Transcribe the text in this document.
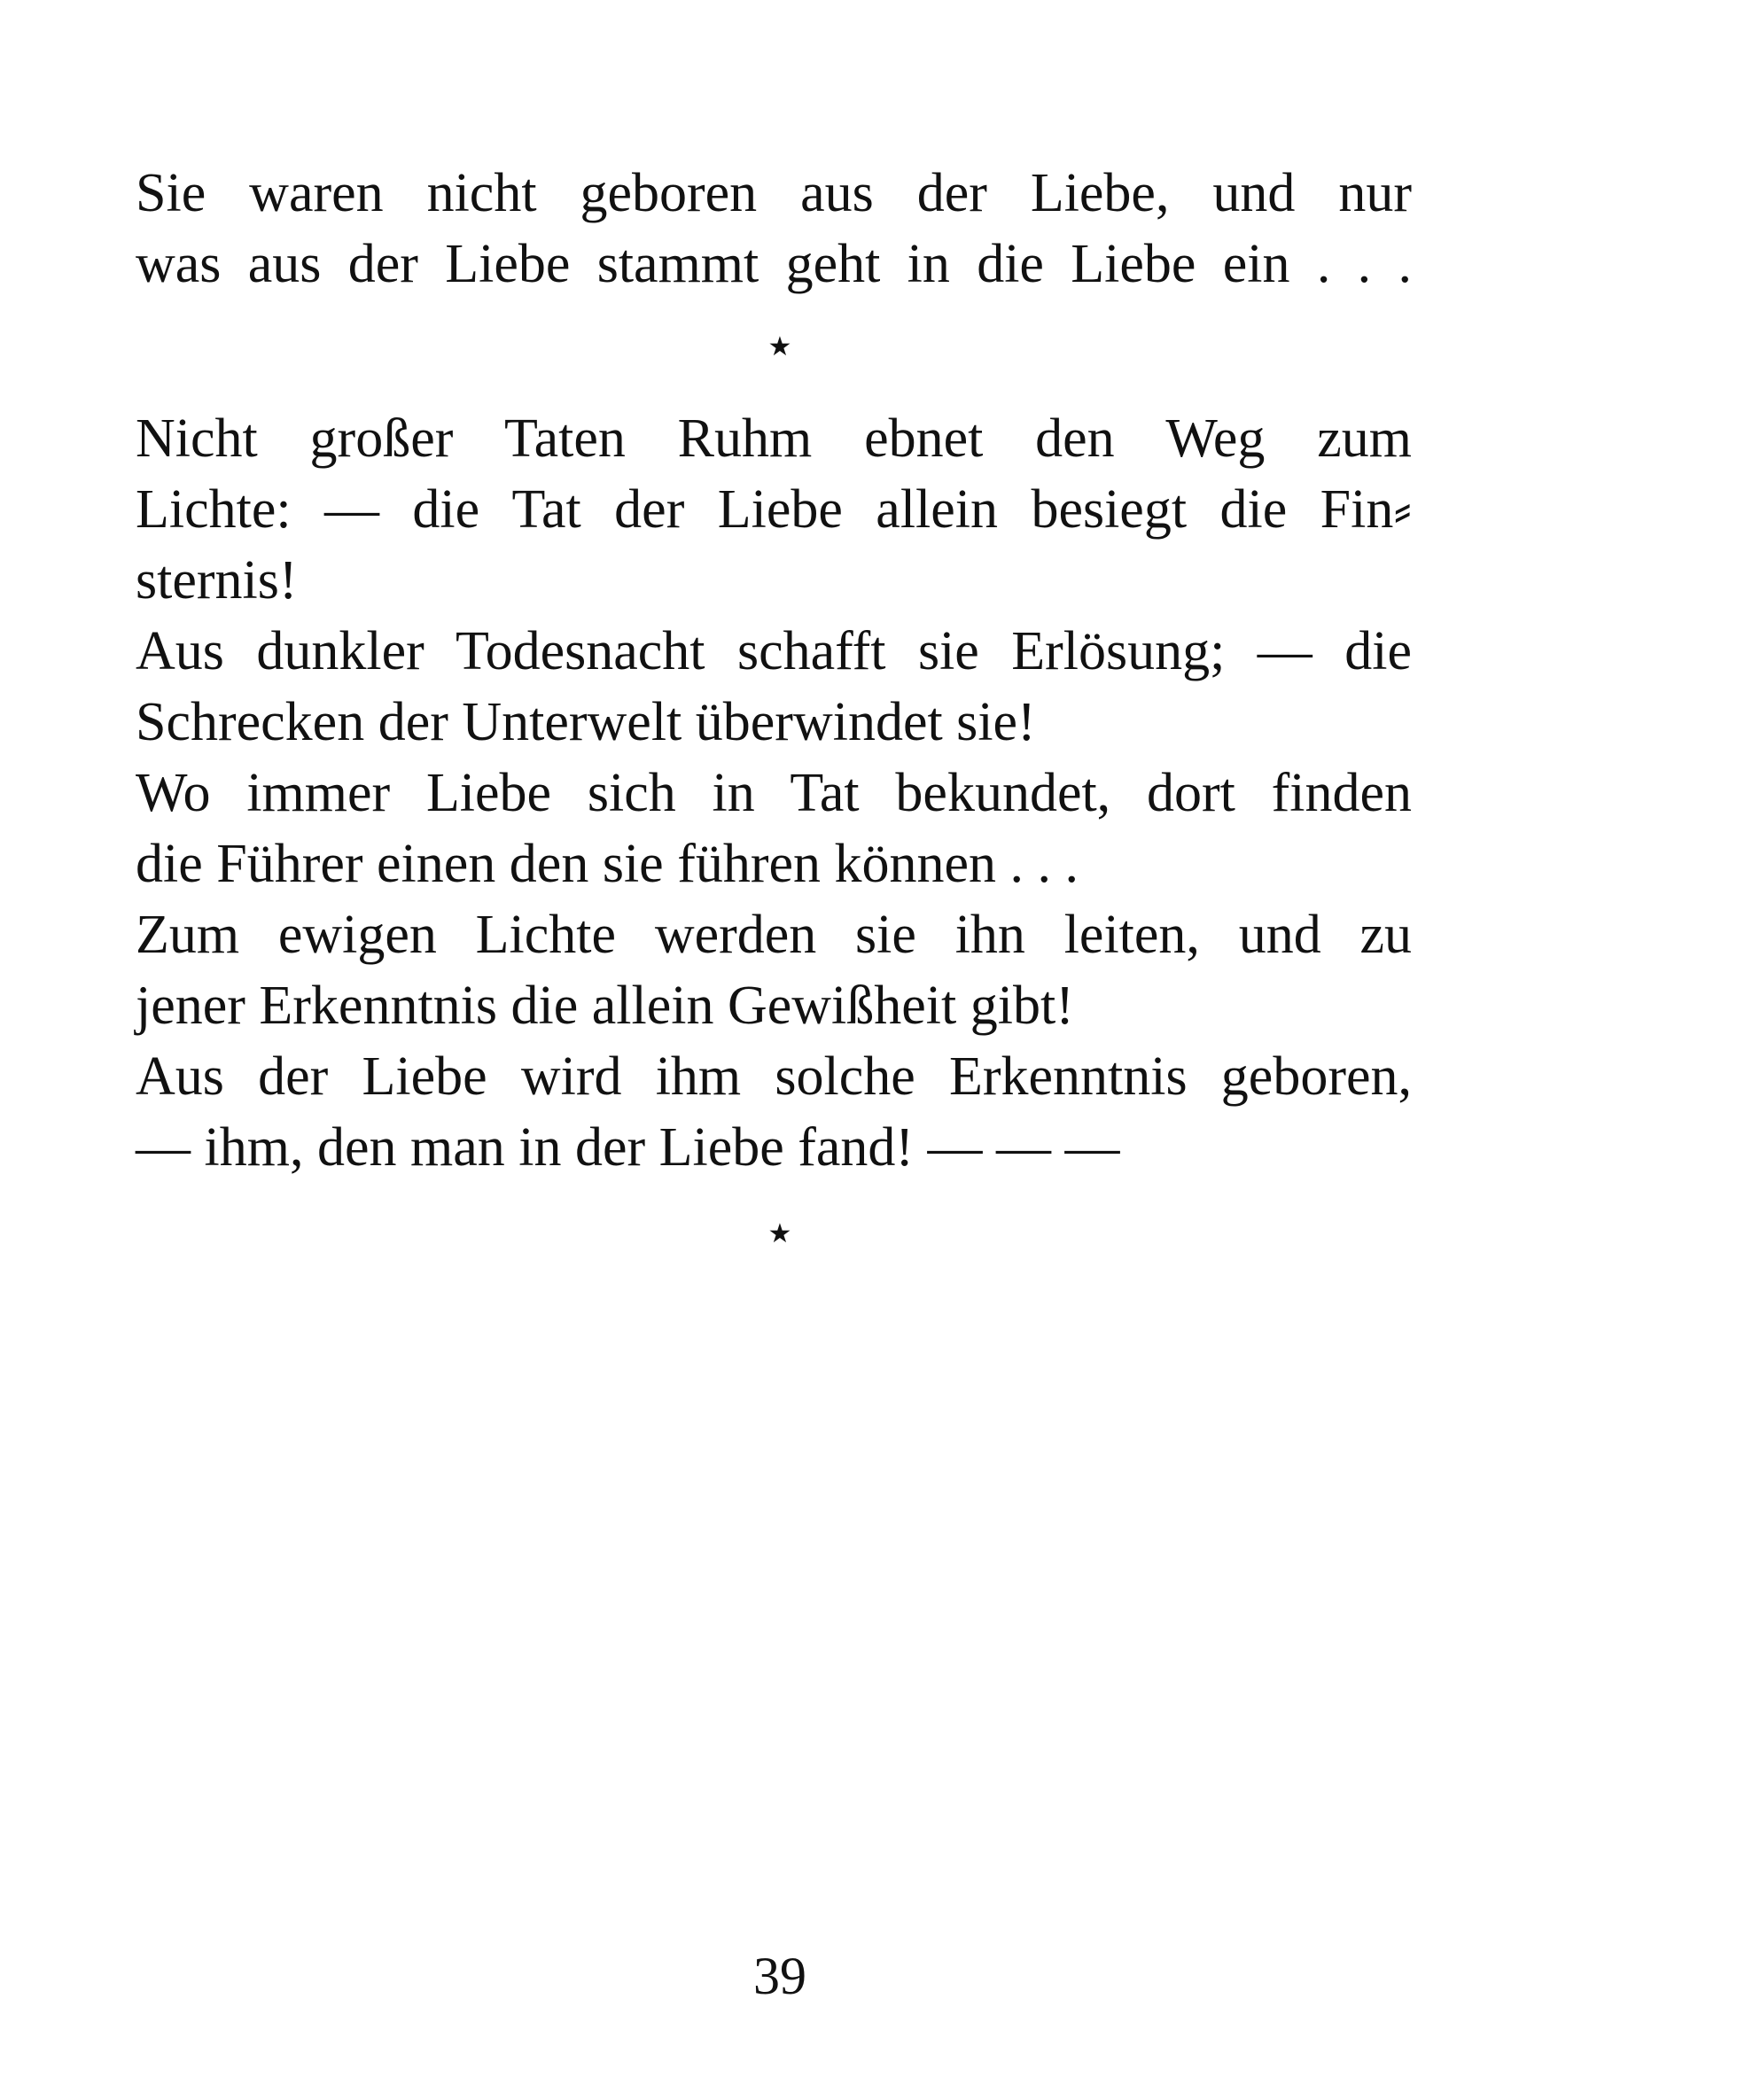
Sie waren nicht geboren aus der Liebe, und nur
was aus der Liebe stammt geht in die Liebe ein . . .
★
Nicht großer Taten Ruhm ebnet den Weg zum
Lichte: — die Tat der Liebe allein besiegt die Fin⸗
sternis!
Aus dunkler Todesnacht schafft sie Erlösung; — die
Schrecken der Unterwelt überwindet sie!
Wo immer Liebe sich in Tat bekundet, dort finden
die Führer einen den sie führen können . . .
Zum ewigen Lichte werden sie ihn leiten, und zu
jener Erkenntnis die allein Gewißheit gibt!
Aus der Liebe wird ihm solche Erkenntnis geboren,
— ihm, den man in der Liebe fand! — — —
★
39
